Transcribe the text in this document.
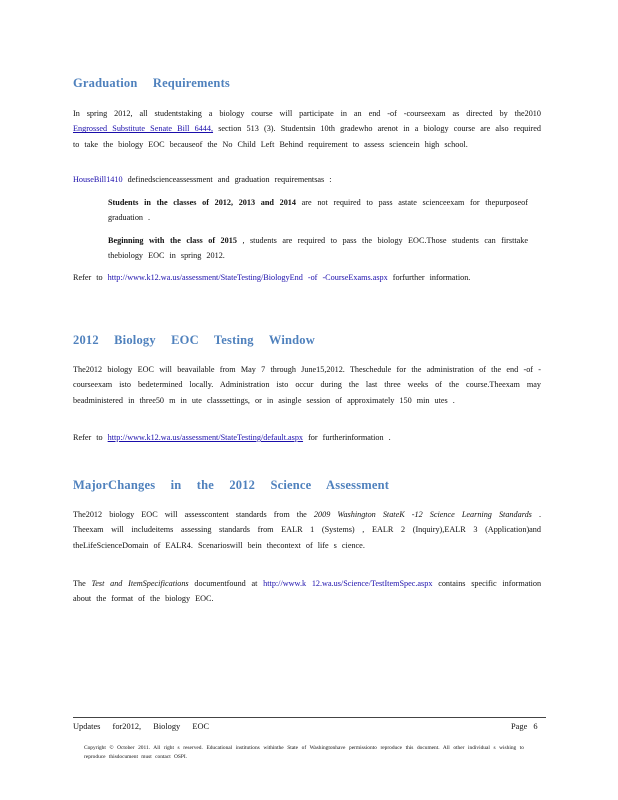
Graduation Requirements
In spring 2012, all studentstaking a biology course will participate in an end -of -courseexam as directed by the2010 Engrossed Substitute Senate Bill 6444, section 513 (3). Studentsin 10th gradewho arenot in a biology course are also required to take the biology EOC becauseof the No Child Left Behind requirement to assess sciencein high school.
HouseBill1410 definedscienceassessment and graduation requirementsas :
Students in the classes of 2012, 2013 and 2014 are not required to pass astate scienceexam for thepurposeof graduation .
Beginning with the class of 2015 , students are required to pass the biology EOC.Those students can firsttake thebiology EOC in spring 2012.
Refer to http://www.k12.wa.us/assessment/StateTesting/BiologyEnd -of -CourseExams.aspx forfurther information.
2012 Biology EOC Testing Window
The2012 biology EOC will beavailable from May 7 through June15,2012. Theschedule for the administration of the end -of -courseexam isto bedetermined locally. Administration isto occur during the last three weeks of the course.Theexam may beadministered in three50 m in ute classsettings, or in asingle session of approximately 150 min utes .
Refer to http://www.k12.wa.us/assessment/StateTesting/default.aspx for furtherinformation .
MajorChanges in the 2012 Science Assessment
The2012 biology EOC will assesscontent standards from the 2009 Washington StateK -12 Science Learning Standards . Theexam will includeitems assessing standards from EALR 1 (Systems) , EALR 2 (Inquiry),EALR 3 (Application)and theLifeScienceDomain of EALR4. Scenarioswill bein thecontext of life s cience.
The Test and ItemSpecifications documentfound at http://www.k 12.wa.us/Science/TestItemSpec.aspx contains specific information about the format of the biology EOC.
Updates for2012, Biology EOC	Page 6
Copyright © October 2011. All right s reserved. Educational institutions withinthe State of Washingtonhave permissionto reproduce this document. All other individual s wishing to reproduce thisdocument must contact OSPI.
